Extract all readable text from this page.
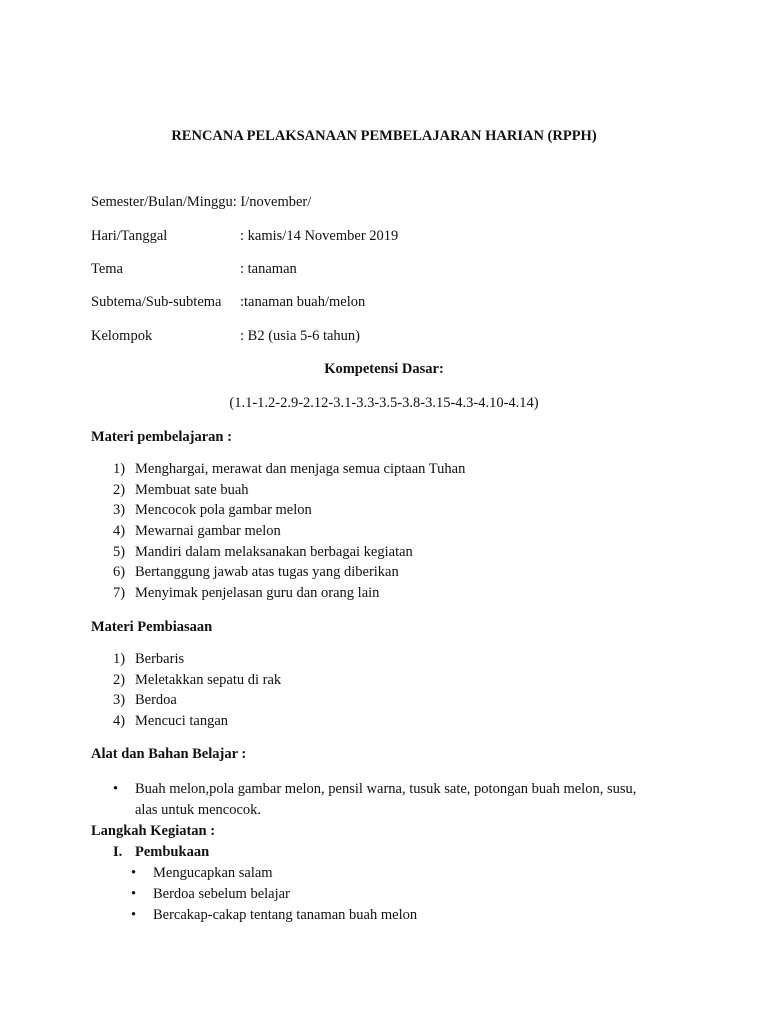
RENCANA PELAKSANAAN PEMBELAJARAN HARIAN (RPPH)
Semester/Bulan/Minggu: I/november/
Hari/Tanggal	: kamis/14 November 2019
Tema	: tanaman
Subtema/Sub-subtema :tanaman buah/melon
Kelompok	: B2 (usia 5-6 tahun)
Kompetensi Dasar:
(1.1-1.2-2.9-2.12-3.1-3.3-3.5-3.8-3.15-4.3-4.10-4.14)
Materi pembelajaran :
1) Menghargai, merawat dan menjaga semua ciptaan Tuhan
2) Membuat sate buah
3) Mencocok pola gambar melon
4) Mewarnai gambar melon
5) Mandiri dalam melaksanakan berbagai kegiatan
6) Bertanggung jawab atas tugas yang diberikan
7) Menyimak penjelasan guru dan orang lain
Materi Pembiasaan
1) Berbaris
2) Meletakkan sepatu di rak
3) Berdoa
4) Mencuci tangan
Alat dan Bahan Belajar :
• Buah melon,pola gambar melon, pensil warna, tusuk sate, potongan buah melon, susu,
alas untuk mencocok.
Langkah Kegiatan :
I. Pembukaan
• Mengucapkan salam
• Berdoa sebelum belajar
• Bercakap-cakap tentang tanaman buah melon
